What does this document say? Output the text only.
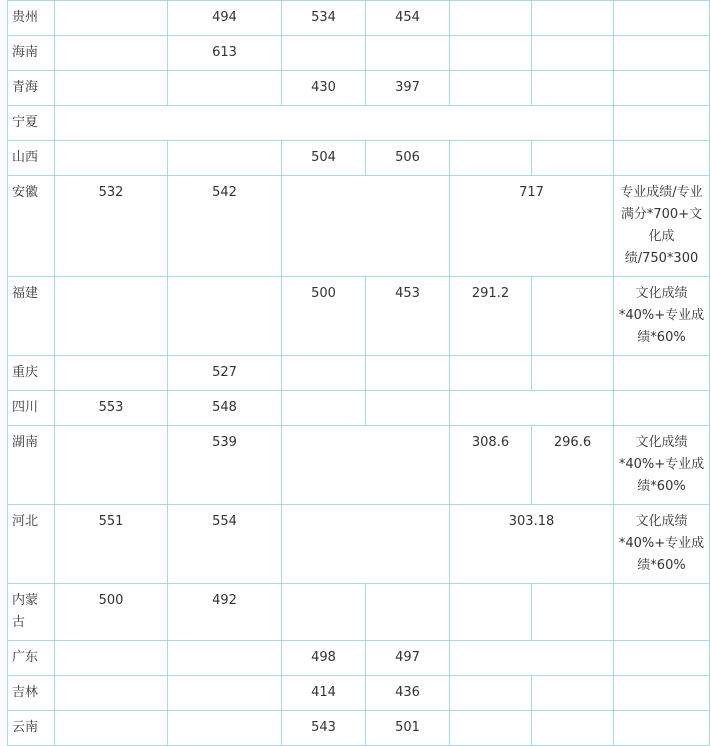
贵州		494	534	454			
海南		613					
青海			430	397			
宁夏							
山西			504	506			
安徽	532	542			717		专业成绩/专业满分*700+文化成绩/750*300
福建			500	453	291.2		文化成绩*40%+专业成绩*60%
重庆		527					
四川	553	548					
湖南		539			308.6	296.6	文化成绩*40%+专业成绩*60%
河北	551	554			303.18		文化成绩*40%+专业成绩*60%
内蒙古	500	492					
广东			498	497			
吉林			414	436			
云南			543	501			
